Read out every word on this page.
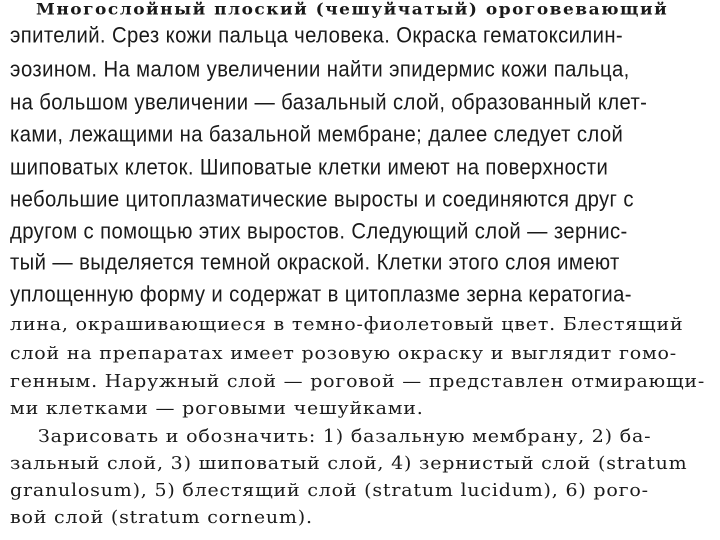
Многослойный плоский (чешуйчатый) ороговевающий

эпителий. Срез кожи пальца человека. Окраска гематоксилин-

эозином. На малом увеличении найти эпидермис кожи пальца,

на большом увеличении — базальный слой, образованный клет-

ками, лежащими на базальной мембране; далее следует слой

шиповатых клеток. Шиповатые клетки имеют на поверхности

небольшие цитоплазматические выросты и соединяются друг с

другом с помощью этих выростов. Следующий слой — зернис-

тый — выделяется темной окраской. Клетки этого слоя имеют

уплощенную форму и содержат в цитоплазме зерна кератогиа-

лина, окрашивающиеся в темно-фиолетовый цвет. Блестящий

слой на препаратах имеет розовую окраску и выглядит гомо-

генным. Наружный слой — роговой — представлен отмирающи-

ми клетками — роговыми чешуйками.

Зарисовать и обозначить: 1) базальную мембрану, 2) ба-

зальный слой, 3) шиповатый слой, 4) зернистый слой (stratum

granulosum), 5) блестящий слой (stratum lucidum), 6) рого-

вой слой (stratum corneum).
